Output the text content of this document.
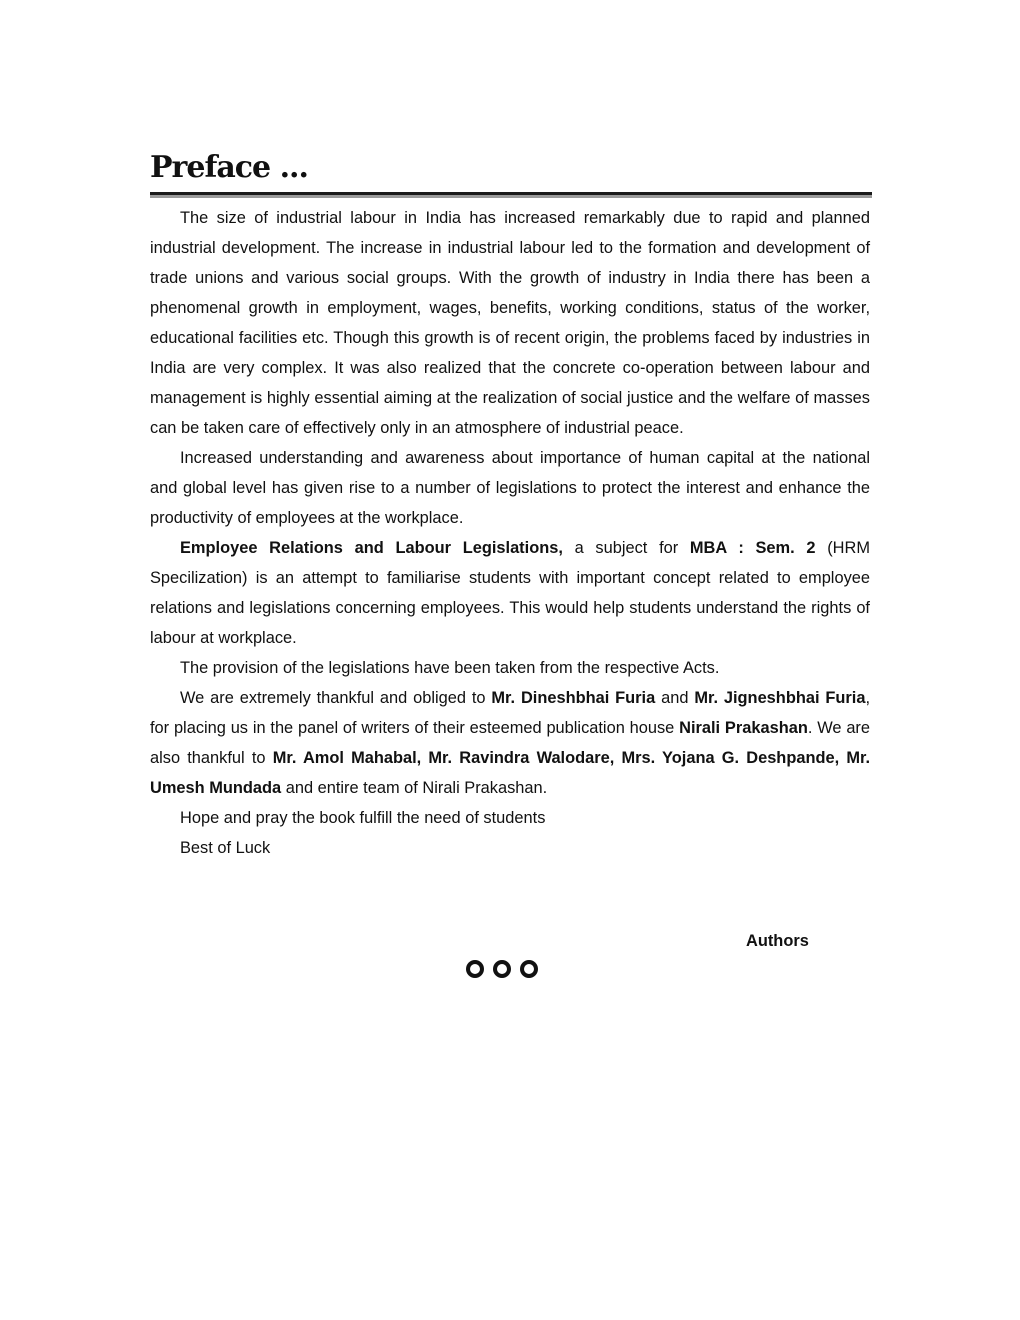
Preface ...

The size of industrial labour in India has increased remarkably due to rapid and planned industrial development. The increase in industrial labour led to the formation and development of trade unions and various social groups. With the growth of industry in India there has been a phenomenal growth in employment, wages, benefits, working conditions, status of the worker, educational facilities etc. Though this growth is of recent origin, the problems faced by industries in India are very complex. It was also realized that the concrete co-operation between labour and management is highly essential aiming at the realization of social justice and the welfare of masses can be taken care of effectively only in an atmosphere of industrial peace.

Increased understanding and awareness about importance of human capital at the national and global level has given rise to a number of legislations to protect the interest and enhance the productivity of employees at the workplace.

Employee Relations and Labour Legislations, a subject for MBA : Sem. 2 (HRM Specilization) is an attempt to familiarise students with important concept related to employee relations and legislations concerning employees. This would help students understand the rights of labour at workplace.

The provision of the legislations have been taken from the respective Acts.

We are extremely thankful and obliged to Mr. Dineshbhai Furia and Mr. Jigneshbhai Furia, for placing us in the panel of writers of their esteemed publication house Nirali Prakashan. We are also thankful to Mr. Amol Mahabal, Mr. Ravindra Walodare, Mrs. Yojana G. Deshpande, Mr. Umesh Mundada and entire team of Nirali Prakashan.

Hope and pray the book fulfill the need of students

Best of Luck

Authors
